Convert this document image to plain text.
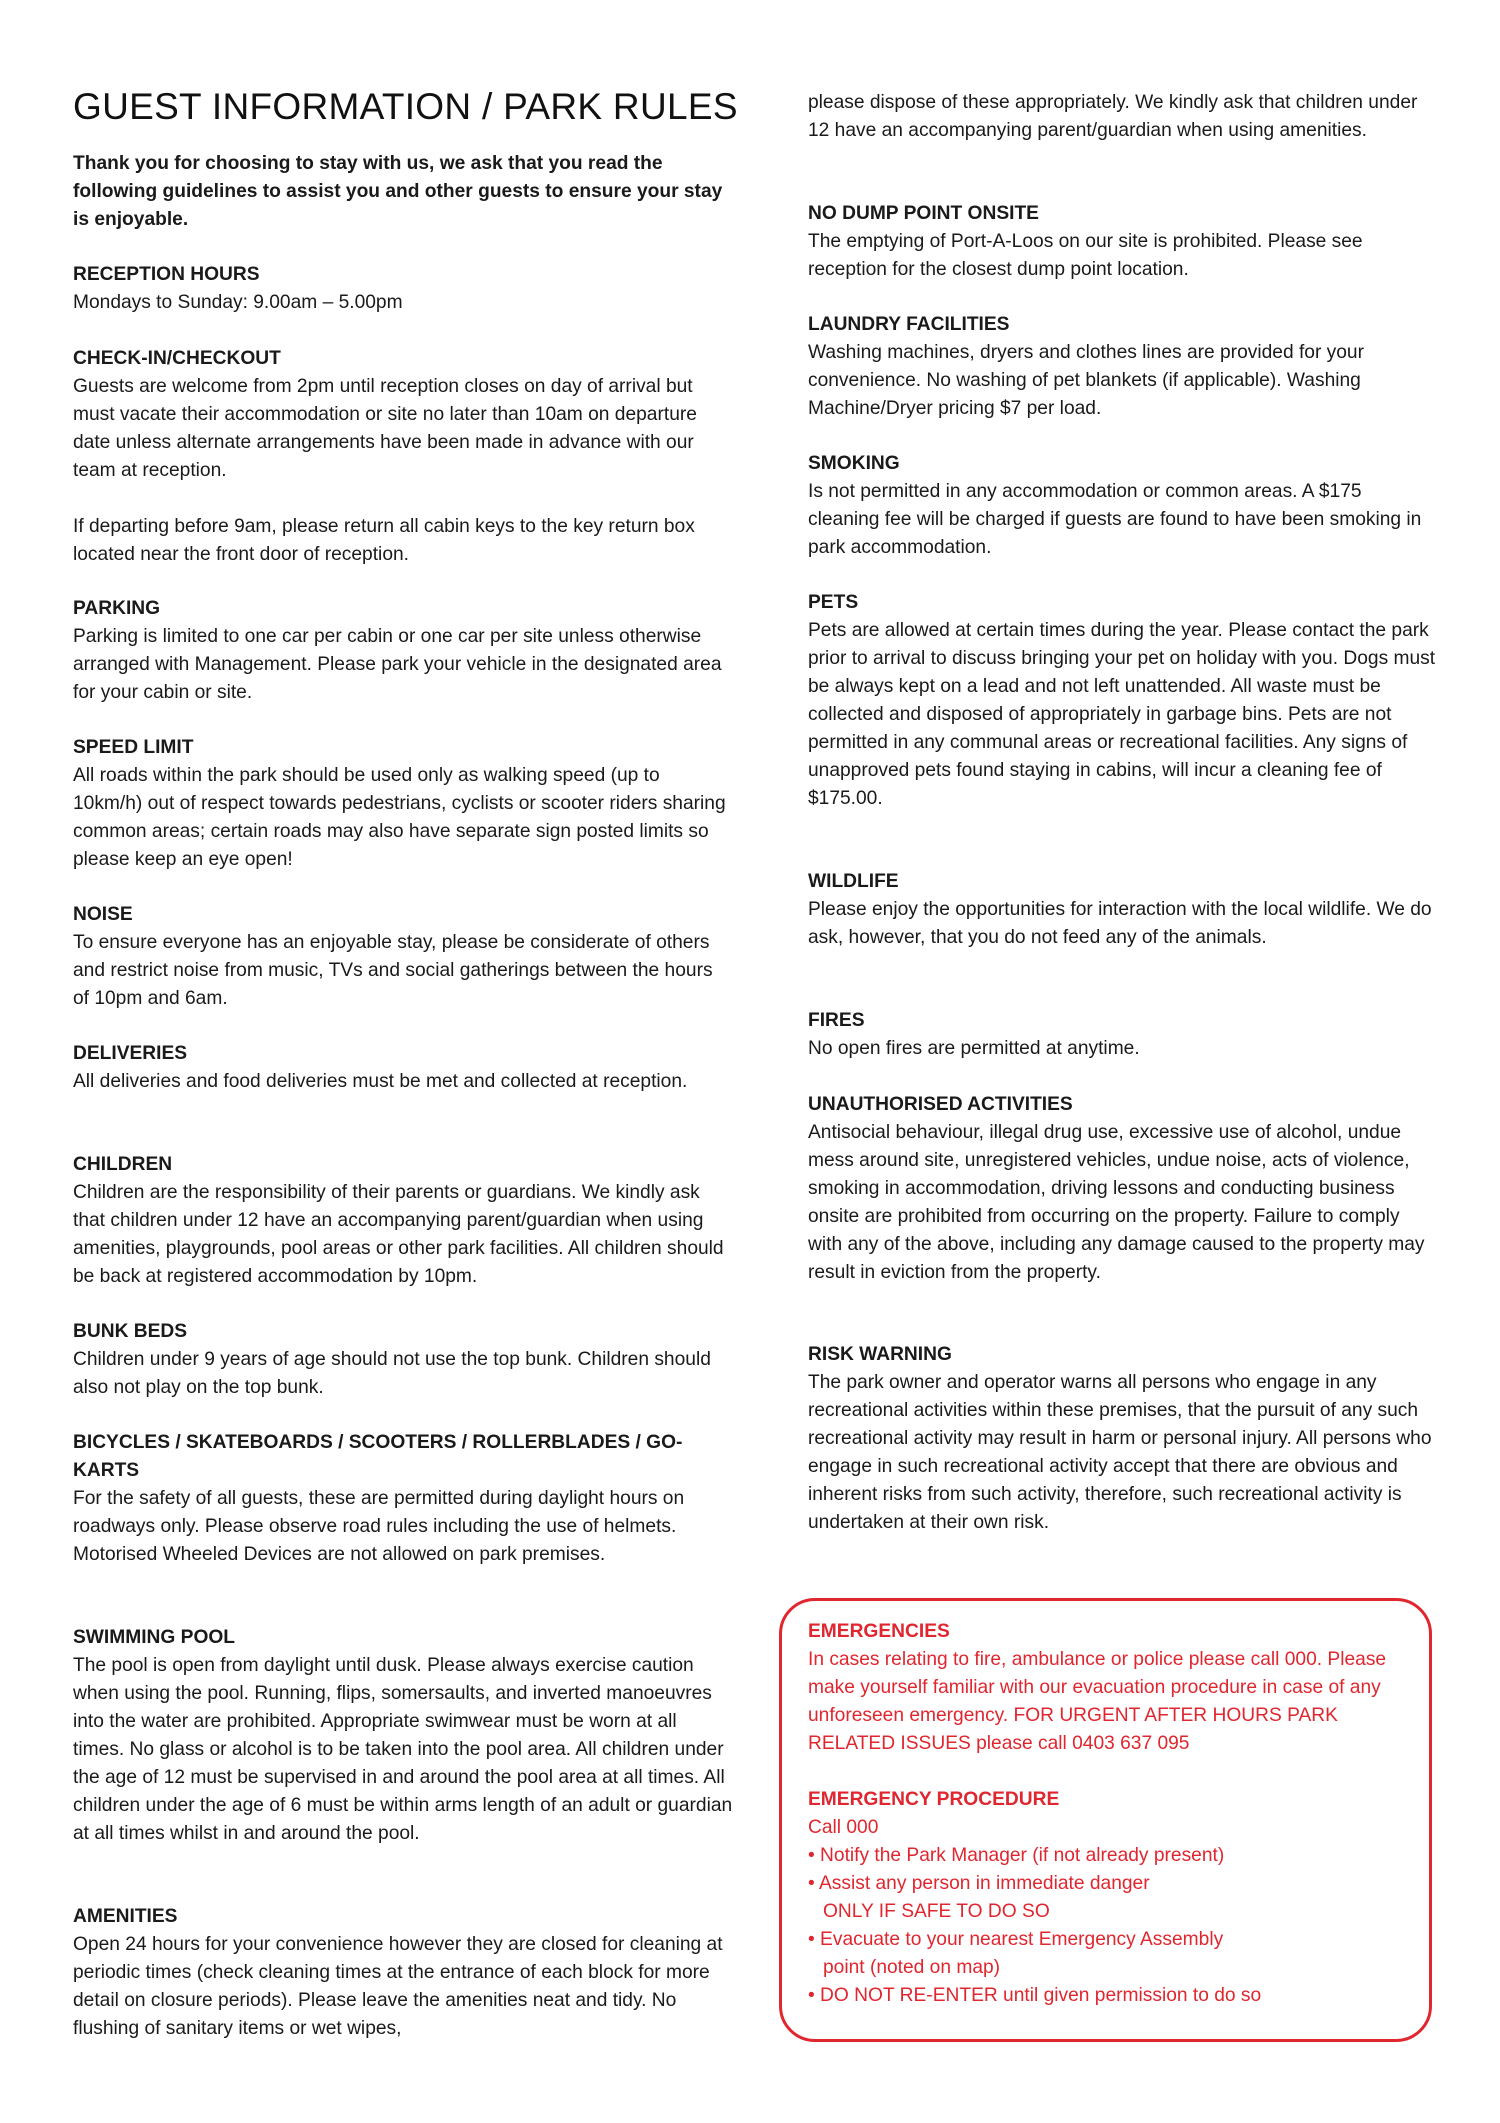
GUEST INFORMATION / PARK RULES

Thank you for choosing to stay with us, we ask that you read the following guidelines to assist you and other guests to ensure your stay is enjoyable.

RECEPTION HOURS
Mondays to Sunday: 9.00am – 5.00pm
CHECK-IN/CHECKOUT
Guests are welcome from 2pm until reception closes on day of arrival but must vacate their accommodation or site no later than 10am on departure date unless alternate arrangements have been made in advance with our team at reception.
If departing before 9am, please return all cabin keys to the key return box located near the front door of reception.
PARKING
Parking is limited to one car per cabin or one car per site unless otherwise arranged with Management. Please park your vehicle in the designated area for your cabin or site.
SPEED LIMIT
All roads within the park should be used only as walking speed (up to 10km/h) out of respect towards pedestrians, cyclists or scooter riders sharing common areas; certain roads may also have separate sign posted limits so please keep an eye open!
NOISE
To ensure everyone has an enjoyable stay, please be considerate of others and restrict noise from music, TVs and social gatherings between the hours of 10pm and 6am.
DELIVERIES
All deliveries and food deliveries must be met and collected at reception.
CHILDREN
Children are the responsibility of their parents or guardians. We kindly ask that children under 12 have an accompanying parent/guardian when using amenities, playgrounds, pool areas or other park facilities. All children should be back at registered accommodation by 10pm.
BUNK BEDS
Children under 9 years of age should not use the top bunk. Children should also not play on the top bunk.
BICYCLES / SKATEBOARDS / SCOOTERS / ROLLERBLADES / GO-KARTS
For the safety of all guests, these are permitted during daylight hours on roadways only. Please observe road rules including the use of helmets. Motorised Wheeled Devices are not allowed on park premises.
SWIMMING POOL
The pool is open from daylight until dusk. Please always exercise caution when using the pool. Running, flips, somersaults, and inverted manoeuvres into the water are prohibited. Appropriate swimwear must be worn at all times. No glass or alcohol is to be taken into the pool area. All children under the age of 12 must be supervised in and around the pool area at all times. All children under the age of 6 must be within arms length of an adult or guardian at all times whilst in and around the pool.
AMENITIES
Open 24 hours for your convenience however they are closed for cleaning at periodic times (check cleaning times at the entrance of each block for more detail on closure periods). Please leave the amenities neat and tidy. No flushing of sanitary items or wet wipes,
please dispose of these appropriately. We kindly ask that children under 12 have an accompanying parent/guardian when using amenities.
NO DUMP POINT ONSITE
The emptying of Port-A-Loos on our site is prohibited. Please see reception for the closest dump point location.
LAUNDRY FACILITIES
Washing machines, dryers and clothes lines are provided for your convenience. No washing of pet blankets (if applicable). Washing Machine/Dryer pricing $7 per load.
SMOKING
Is not permitted in any accommodation or common areas. A $175 cleaning fee will be charged if guests are found to have been smoking in park accommodation.
PETS
Pets are allowed at certain times during the year. Please contact the park prior to arrival to discuss bringing your pet on holiday with you. Dogs must be always kept on a lead and not left unattended. All waste must be collected and disposed of appropriately in garbage bins. Pets are not permitted in any communal areas or recreational facilities. Any signs of unapproved pets found staying in cabins, will incur a cleaning fee of $175.00.
WILDLIFE
Please enjoy the opportunities for interaction with the local wildlife. We do ask, however, that you do not feed any of the animals.
FIRES
No open fires are permitted at anytime.
UNAUTHORISED ACTIVITIES
Antisocial behaviour, illegal drug use, excessive use of alcohol, undue mess around site, unregistered vehicles, undue noise, acts of violence, smoking in accommodation, driving lessons and conducting business onsite are prohibited from occurring on the property. Failure to comply with any of the above, including any damage caused to the property may result in eviction from the property.
RISK WARNING
The park owner and operator warns all persons who engage in any recreational activities within these premises, that the pursuit of any such recreational activity may result in harm or personal injury. All persons who engage in such recreational activity accept that there are obvious and inherent risks from such activity, therefore, such recreational activity is undertaken at their own risk.
EMERGENCIES
In cases relating to fire, ambulance or police please call 000. Please make yourself familiar with our evacuation procedure in case of any unforeseen emergency. FOR URGENT AFTER HOURS PARK RELATED ISSUES please call 0403 637 095
EMERGENCY PROCEDURE
Call 000
• Notify the Park Manager (if not already present)
• Assist any person in immediate danger
ONLY IF SAFE TO DO SO
• Evacuate to your nearest Emergency Assembly
point (noted on map)
• DO NOT RE-ENTER until given permission to do so
